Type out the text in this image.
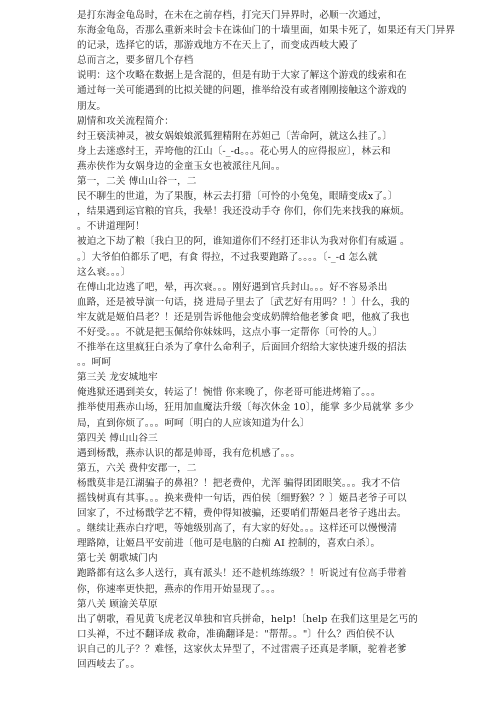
是打东海金龟岛时，在未在之前存档，打完天门异界时，必顺一次通过，
东海金龟岛，否那么重新来时会卡在诛仙门的十墙里面，如果卡死了，如果还有天门异界
的记录，选择它的话，那游戏地方不在天上了，而变成西岐大殿了
总而言之，要多留几个存档
说明：这个攻略在数据上是含混的，但是有助于大家了解这个游戏的线索和在
通过每一关可能遇到的比拟关键的问题，推举给没有或者刚刚接触这个游戏的
朋友。
剧情和攻关流程简介：
纣王亵渎神灵，被女娲娘娘派狐狸精附在苏妲己〔苦命阿，就这么挂了。〕
身上去迷惑纣王，弄垮他的江山〔-_-d。。。花心男人的应得报应〕，林云和
燕赤侠作为女娲身边的金童玉女也被派往凡间。。
第一，二关 傅山山谷一，二
民不聊生的世道，为了果腹，林云去打猎〔可怜的小兔兔，眼睛变成x了。〕
，结果遇到运官粮的官兵，我晕！我还没动手夺 你们，你们先来找我的麻烦。
。不讲道理阿！
被迫之下劫了粮〔我白卫的阿，谁知道你们不经打还非认为我对你们有威逼 。
。〕大爷伯伯都乐了吧，有食 得拉，不过我要跑路了。。。。〔-_-d 怎么就
这么衰。。。〕
在傅山北边逃了吧，晕，再次衰。。。刚好遇到官兵封山。。。好不容易杀出
血路，还是被导演一句话，挠 进局子里去了〔武艺好有用吗？！〕什么，我的
牢友就是姬伯昌老？！还是别告诉他他会变成奶牌给他老爹食 吧，他疯了我也
不好受。。。不就是把玉佩给你妹妹吗，这点小事一定帮你〔可怜的人。〕
不推举在这里疯狂白杀为了拿什么命利子，后面回介绍给大家快速升级的招法
。。呵呵
第三关 龙安城地牢
俺逃狱还遇到美女，转运了！惋惜 你来晚了，你老哥可能进烤箱了。。。
推举使用燕赤山场，狂用加血魔法升级〔每次休金 10〕，能掌 多少局就掌 多少
局，直到你烦了。。。呵呵〔明白的人应该知道为什么〕
第四关 傅山山谷三
遇到杨戬，燕赤认识的都是帅哥，我有危机感了。。。
第五，六关 费仲安郡一，二
杨戬莫非是江湖骗子的鼻祖？！把老费仲，尤浑 骗得团团眼笑。。。我才不信
摇钱树真有其事。。。换来费仲一句话，西伯侯〔细野猴？？〕姬昌老爷子可以
回家了，不过杨戬学艺不精，费仲得知被骗，还要哨们帮姬昌老爷子逃出去。
。继续让燕赤白疗吧，等她级别高了，有大家的好处。。。这样还可以慢慢清
理路障，让姬昌平安前进〔他可是电脑的白痴 AI 控制的，喜欢白杀〕。
第七关 朝歌城门内
跑路都有这么多人送行，真有派头！还不趁机练练级？！听说过有位高手带着
你，你速率更快把，燕赤的作用开始显现了。。。
第八关 顾渝关草原
出了朝歌，看见黄飞虎老汉单独和官兵拼命，help!〔help 在我们这里是乞丐的
口头禅，不过不翻译成 救命，准确翻译是："帮帮。。"〕什么？西伯侯不认
识自己的儿子？？难怪，这家伙太异型了，不过雷震子还真是孝顺，驼着老爹
回西岐去了。。
